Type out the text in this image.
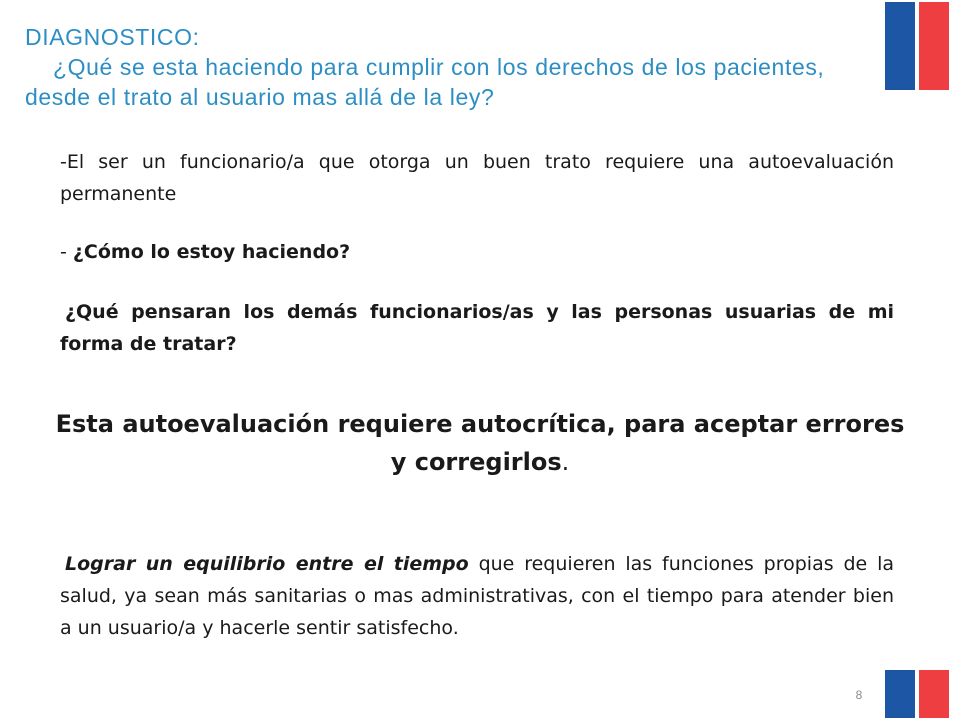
DIAGNOSTICO:
¿Qué se esta haciendo para cumplir con los derechos de los pacientes, desde el trato al usuario mas allá de la ley?

-El ser un funcionario/a que otorga un buen trato requiere una autoevaluación permanente

- ¿Cómo lo estoy haciendo?

¿Qué pensaran los demás funcionarios/as y las personas usuarias de mi forma de tratar?

Esta autoevaluación requiere autocrítica, para aceptar errores y corregirlos.
Lograr un equilibrio entre el tiempo que requieren las funciones propias de la salud, ya sean más sanitarias o mas administrativas, con el tiempo para atender bien a un usuario/a y hacerle sentir satisfecho.
8
